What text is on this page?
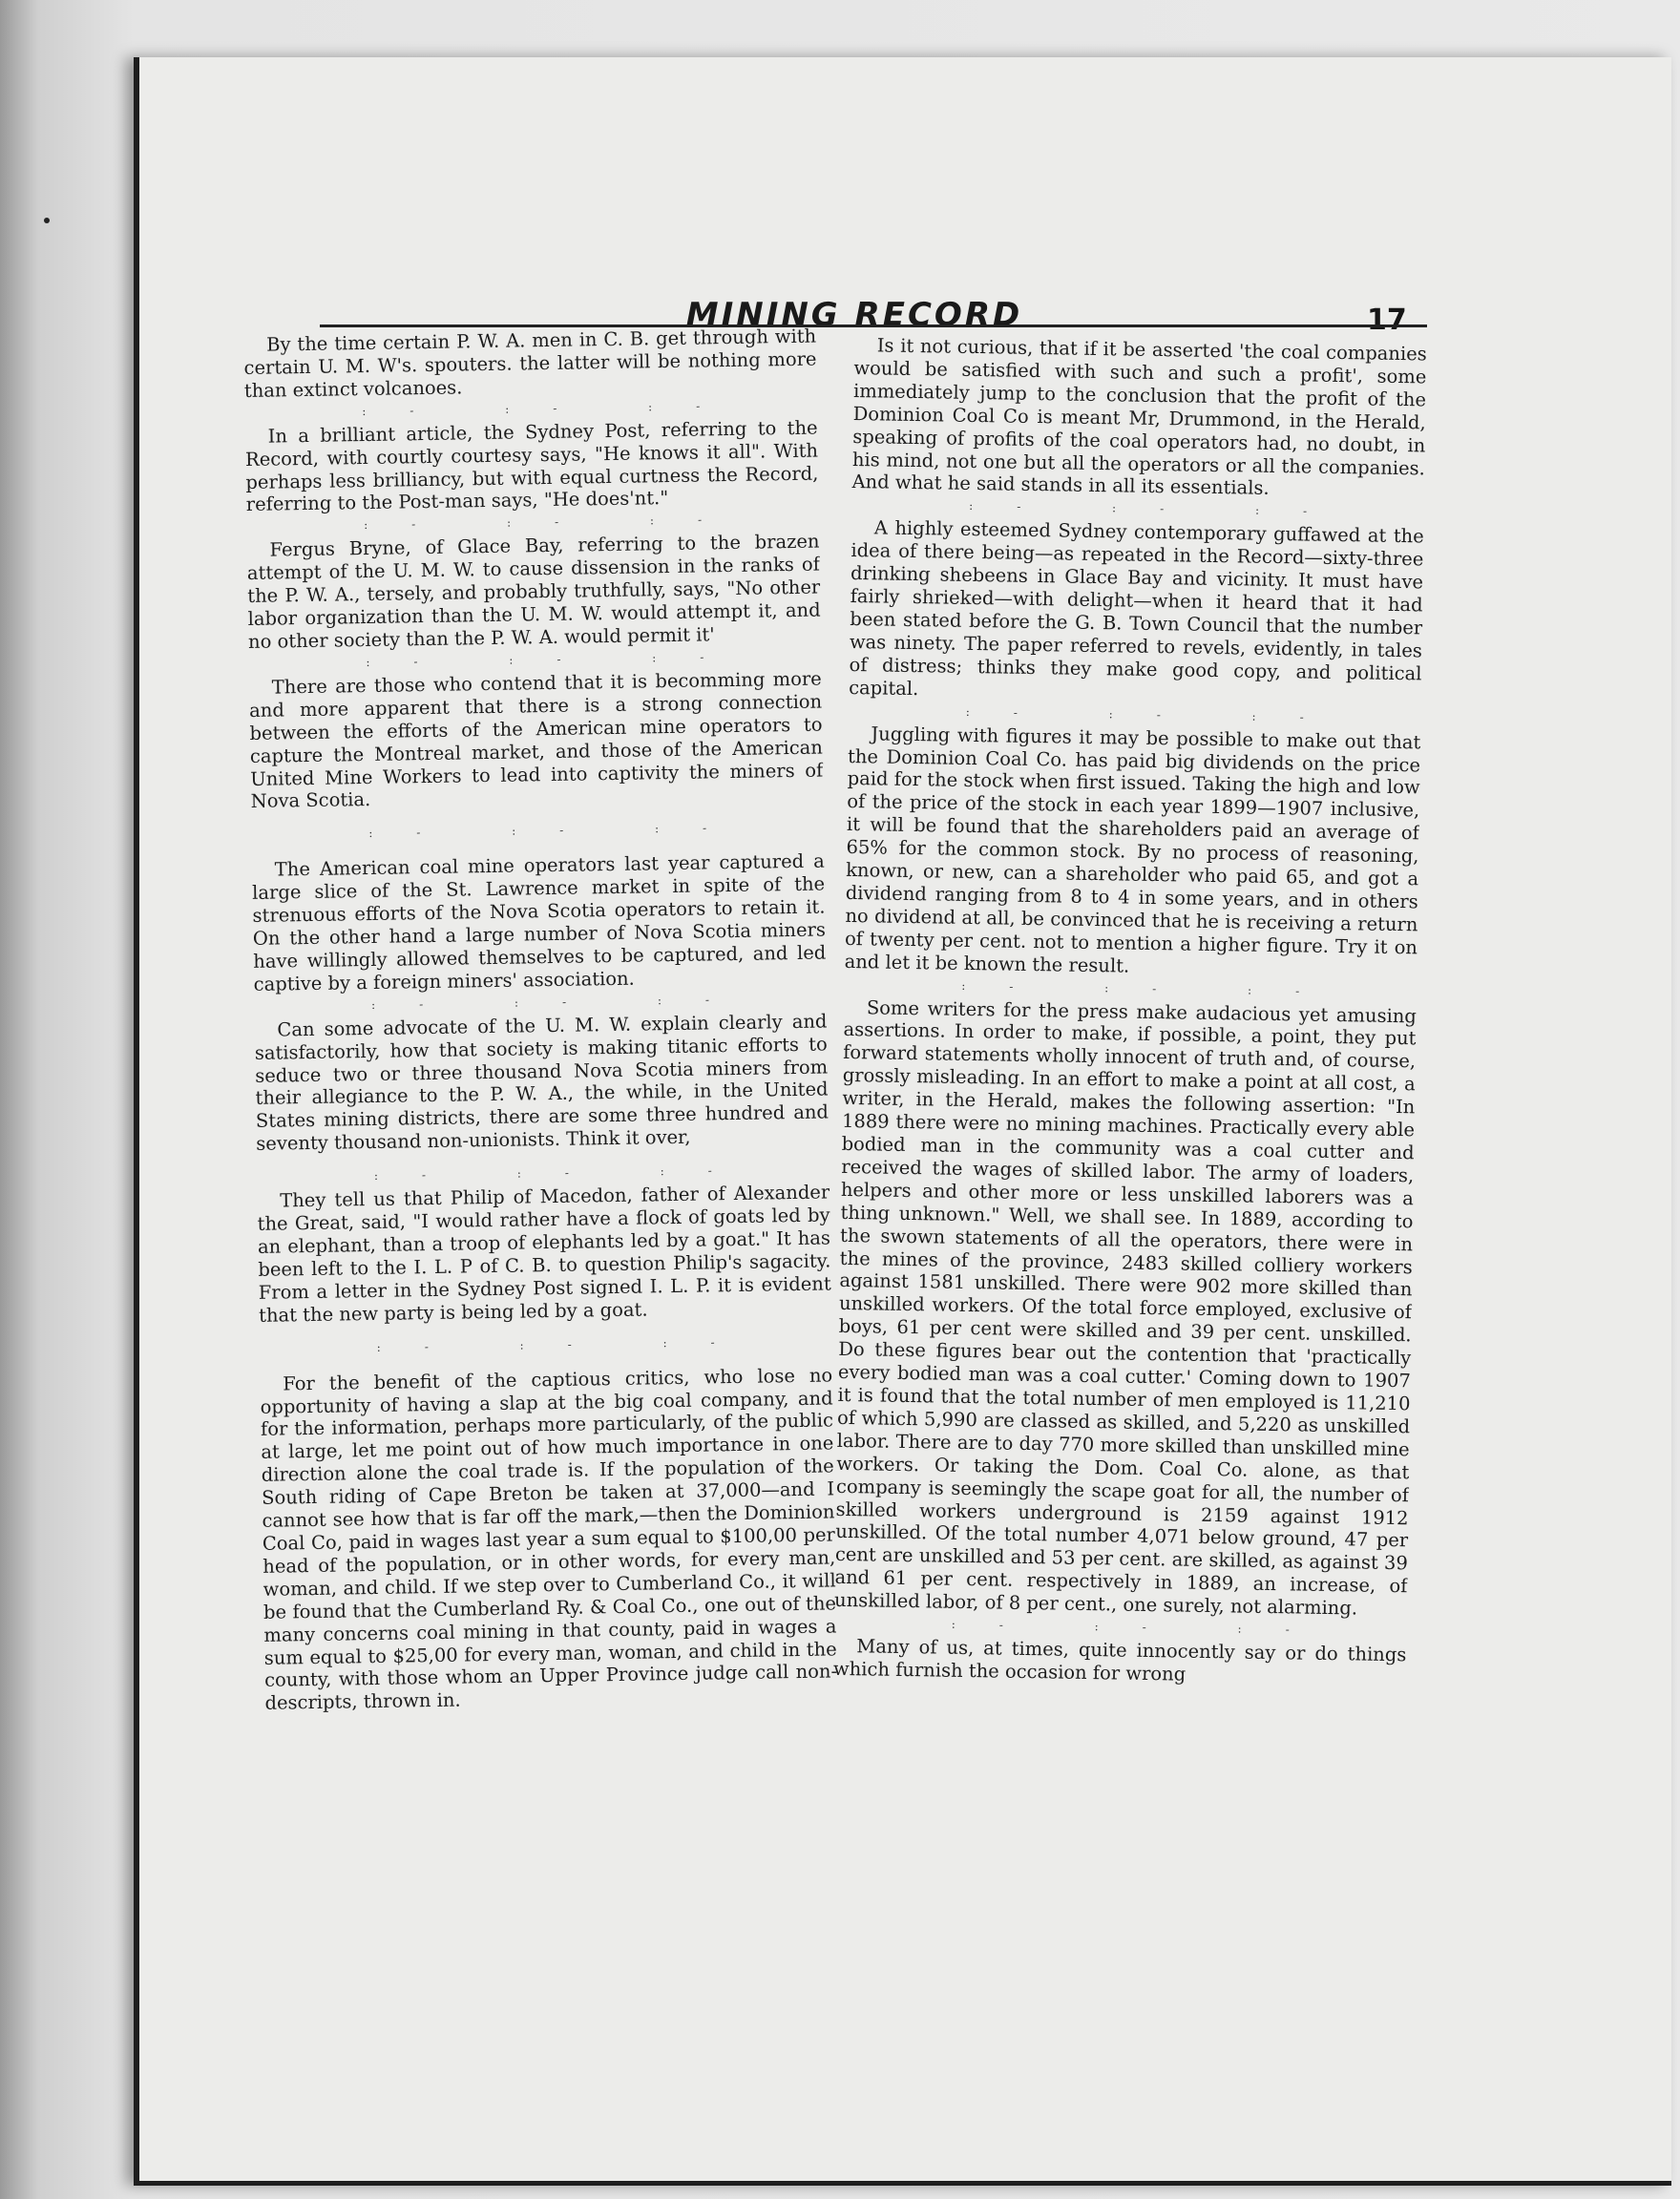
MINING RECORD	17

By the time certain P. W. A. men in C. B. get through with certain U. M. W's. spouters. the latter will be nothing more than extinct volcanoes.

:- :- :-

In a brilliant article, the Sydney Post, referring to the Record, with courtly courtesy says, "He knows it all". With perhaps less brilliancy, but with equal curtness the Record, referring to the Post-man says, "He does'nt."

:- :- :-

Fergus Bryne, of Glace Bay, referring to the brazen attempt of the U. M. W. to cause dissension in the ranks of the P. W. A., tersely, and probably truthfully, says, "No other labor organization than the U. M. W. would attempt it, and no other society than the P. W. A. would permit it'

:- :- :-

There are those who contend that it is becomming more and more apparent that there is a strong connection between the efforts of the American mine operators to capture the Montreal market, and those of the American United Mine Workers to lead into captivity the miners of Nova Scotia.

:- :- :-

The American coal mine operators last year captured a large slice of the St. Lawrence market in spite of the strenuous efforts of the Nova Scotia operators to retain it. On the other hand a large number of Nova Scotia miners have willingly allowed themselves to be captured, and led captive by a foreign miners' association.

:- :- :-

Can some advocate of the U. M. W. explain clearly and satisfactorily, how that society is making titanic efforts to seduce two or three thousand Nova Scotia miners from their allegiance to the P. W. A., the while, in the United States mining districts, there are some three hundred and seventy thousand non-unionists. Think it over,

:- :- :-

They tell us that Philip of Macedon, father of Alexander the Great, said, "I would rather have a flock of goats led by an elephant, than a troop of elephants led by a goat." It has been left to the I. L. P of C. B. to question Philip's sagacity. From a letter in the Sydney Post signed I. L. P. it is evident that the new party is being led by a goat.

:- :- :-

For the benefit of the captious critics, who lose no opportunity of having a slap at the big coal company, and for the information, perhaps more particularly, of the public at large, let me point out of how much importance in one direction alone the coal trade is. If the population of the South riding of Cape Breton be taken at 37,000—and I cannot see how that is far off the mark,—then the Dominion Coal Co, paid in wages last year a sum equal to $100,00 per head of the population, or in other words, for every man, woman, and child. If we step over to Cumberland Co., it will be found that the Cumberland Ry. & Coal Co., one out of the many concerns coal mining in that county, paid in wages a sum equal to $25,00 for every man, woman, and child in the county, with those whom an Upper Province judge call non-descripts, thrown in.

Is it not curious, that if it be asserted 'the coal companies would be satisfied with such and such a profit', some immediately jump to the conclusion that the profit of the Dominion Coal Co is meant Mr, Drummond, in the Herald, speaking of profits of the coal operators had, no doubt, in his mind, not one but all the operators or all the companies. And what he said stands in all its essentials.

:- :- :-

A highly esteemed Sydney contemporary guffawed at the idea of there being—as repeated in the Record—sixty-three drinking shebeens in Glace Bay and vicinity. It must have fairly shrieked—with delight—when it heard that it had been stated before the G. B. Town Council that the number was ninety. The paper referred to revels, evidently, in tales of distress; thinks they make good copy, and political capital.

:- :- :-

Juggling with figures it may be possible to make out that the Dominion Coal Co. has paid big dividends on the price paid for the stock when first issued. Taking the high and low of the price of the stock in each year 1899—1907 inclusive, it will be found that the shareholders paid an average of 65% for the common stock. By no process of reasoning, known, or new, can a shareholder who paid 65, and got a dividend ranging from 8 to 4 in some years, and in others no dividend at all, be convinced that he is receiving a return of twenty per cent. not to mention a higher figure. Try it on and let it be known the result.

:- :- :-

Some writers for the press make audacious yet amusing assertions. In order to make, if possible, a point, they put forward statements wholly innocent of truth and, of course, grossly misleading. In an effort to make a point at all cost, a writer, in the Herald, makes the following assertion: "In 1889 there were no mining machines. Practically every able bodied man in the community was a coal cutter and received the wages of skilled labor. The army of loaders, helpers and other more or less unskilled laborers was a thing unknown." Well, we shall see. In 1889, according to the swown statements of all the operators, there were in the mines of the province, 2483 skilled colliery workers against 1581 unskilled. There were 902 more skilled than unskilled workers. Of the total force employed, exclusive of boys, 61 per cent were skilled and 39 per cent. unskilled. Do these figures bear out the contention that 'practically every bodied man was a coal cutter.' Coming down to 1907 it is found that the total number of men employed is 11,210 of which 5,990 are classed as skilled, and 5,220 as unskilled labor. There are to day 770 more skilled than unskilled mine workers. Or taking the Dom. Coal Co. alone, as that company is seemingly the scape goat for all, the number of skilled workers underground is 2159 against 1912 unskilled. Of the total number 4,071 below ground, 47 per cent are unskilled and 53 per cent. are skilled, as against 39 and 61 per cent. respectively in 1889, an increase, of unskilled labor, of 8 per cent., one surely, not alarming.

:- :- :-

Many of us, at times, quite innocently say or do things which furnish the occasion for wrong
